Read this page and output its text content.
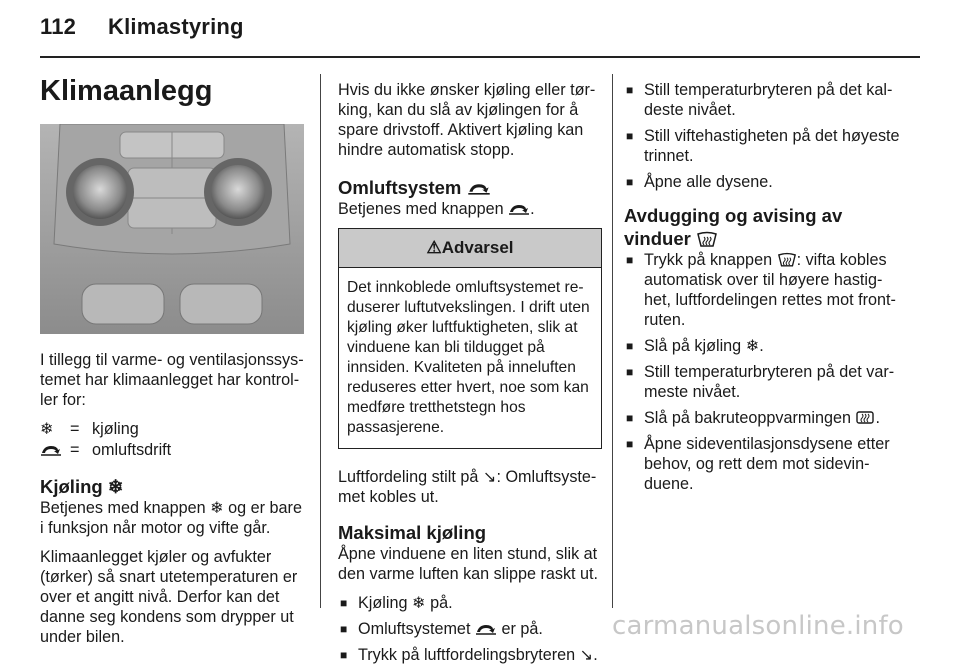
112 Klimastyring
Klimaanlegg

I tillegg til varme- og ventilasjonssystemet har klimaanlegget har kontroller for:

❄	= kjøling
= omluftsdrift
Kjøling ❄

Betjenes med knappen ❄ og er bare i funksjon når motor og vifte går.

Klimaanlegget kjøler og avfukter (tørker) så snart utetemperaturen er over et angitt nivå. Derfor kan det danne seg kondens som drypper ut under bilen.

Hvis du ikke ønsker kjøling eller tørking, kan du slå av kjølingen for å spare drivstoff. Aktivert kjøling kan hindre automatisk stopp.

Omluftsystem

Betjenes med knappen .

⚠Advarsel
Det innkoblede omluftsystemet reduserer luftutvekslingen. I drift uten kjøling øker luftfuktigheten, slik at vinduene kan bli tildugget på innsiden. Kvaliteten på inneluften reduseres etter hvert, noe som kan medføre tretthetstegn hos passasjerene.

Luftfordeling stilt på ↘: Omluftsystemet kobles ut.

Maksimal kjøling

Åpne vinduene en liten stund, slik at den varme luften kan slippe raskt ut.

■ Kjøling ❄ på.
■ Omluftsystemet er på.
■ Trykk på luftfordelingsbryteren ↘.
■ Still temperaturbryteren på det kaldeste nivået.
■ Still viftehastigheten på det høyeste trinnet.
■ Åpne alle dysene.
Avdugging og avising av
vinduer
■ Trykk på knappen : vifta kobles automatisk over til høyere hastighet, luftfordelingen rettes mot frontruten.
■ Slå på kjøling ❄.
■ Still temperaturbryteren på det varmeste nivået.
■ Slå på bakruteoppvarmingen .
■ Åpne sideventilasjonsdysene etter behov, og rett dem mot sidevinduene.
carmanualsonline.info
